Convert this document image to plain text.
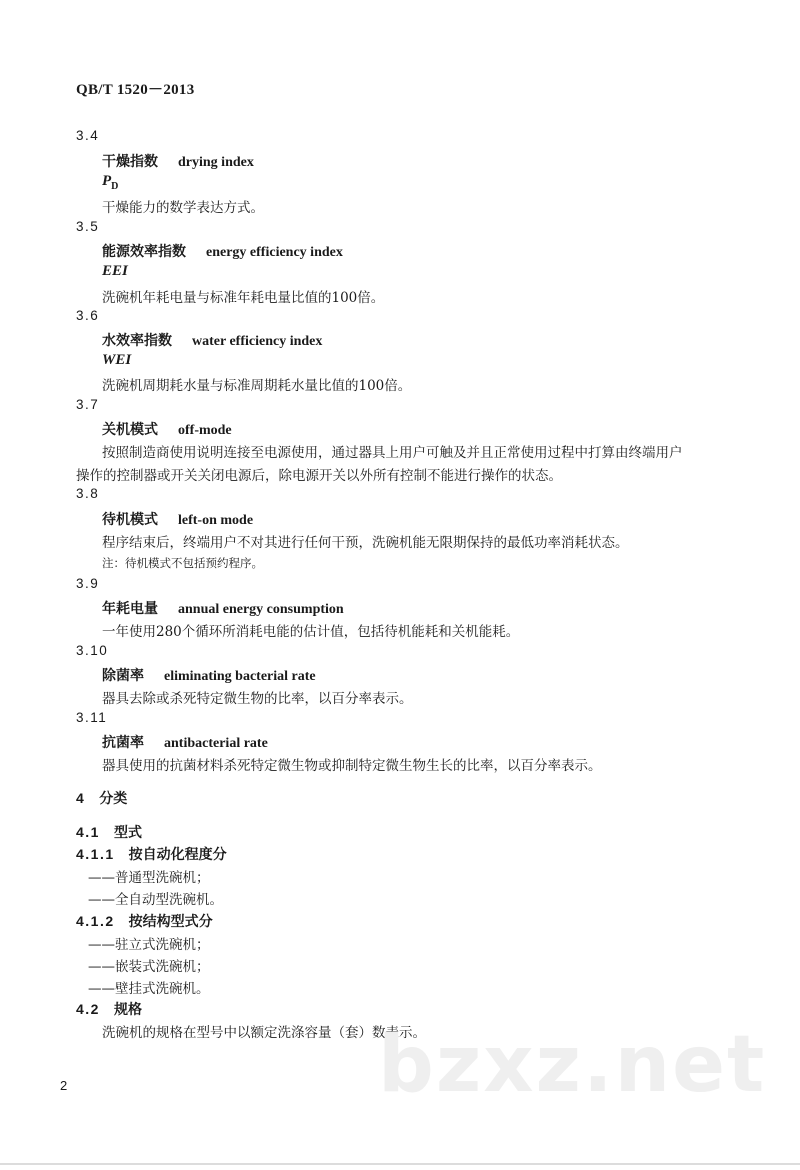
QB/T 1520－2013
3.4
干燥指数 drying index
$P_D$
干燥能力的数学表达方式。
3.5
能源效率指数 energy efficiency index
EEI
洗碗机年耗电量与标准年耗电量比值的100倍。
3.6
水效率指数 water efficiency index
WEI
洗碗机周期耗水量与标准周期耗水量比值的100倍。
3.7
关机模式 off-mode
按照制造商使用说明连接至电源使用，通过器具上用户可触及并且正常使用过程中打算由终端用户
操作的控制器或开关关闭电源后，除电源开关以外所有控制不能进行操作的状态。
3.8
待机模式 left-on mode
程序结束后，终端用户不对其进行任何干预，洗碗机能无限期保持的最低功率消耗状态。
注：待机模式不包括预约程序。
3.9
年耗电量 annual energy consumption
一年使用280个循环所消耗电能的估计值，包括待机能耗和关机能耗。
3.10
除菌率 eliminating bacterial rate
器具去除或杀死特定微生物的比率，以百分率表示。
3.11
抗菌率 antibacterial rate
器具使用的抗菌材料杀死特定微生物或抑制特定微生物生长的比率，以百分率表示。
4 分类
4.1 型式
4.1.1 按自动化程度分
——普通型洗碗机；
——全自动型洗碗机。
4.1.2 按结构型式分
——驻立式洗碗机；
——嵌装式洗碗机；
——壁挂式洗碗机。
4.2 规格
洗碗机的规格在型号中以额定洗涤容量（套）数表示。
bzxz.net
2
